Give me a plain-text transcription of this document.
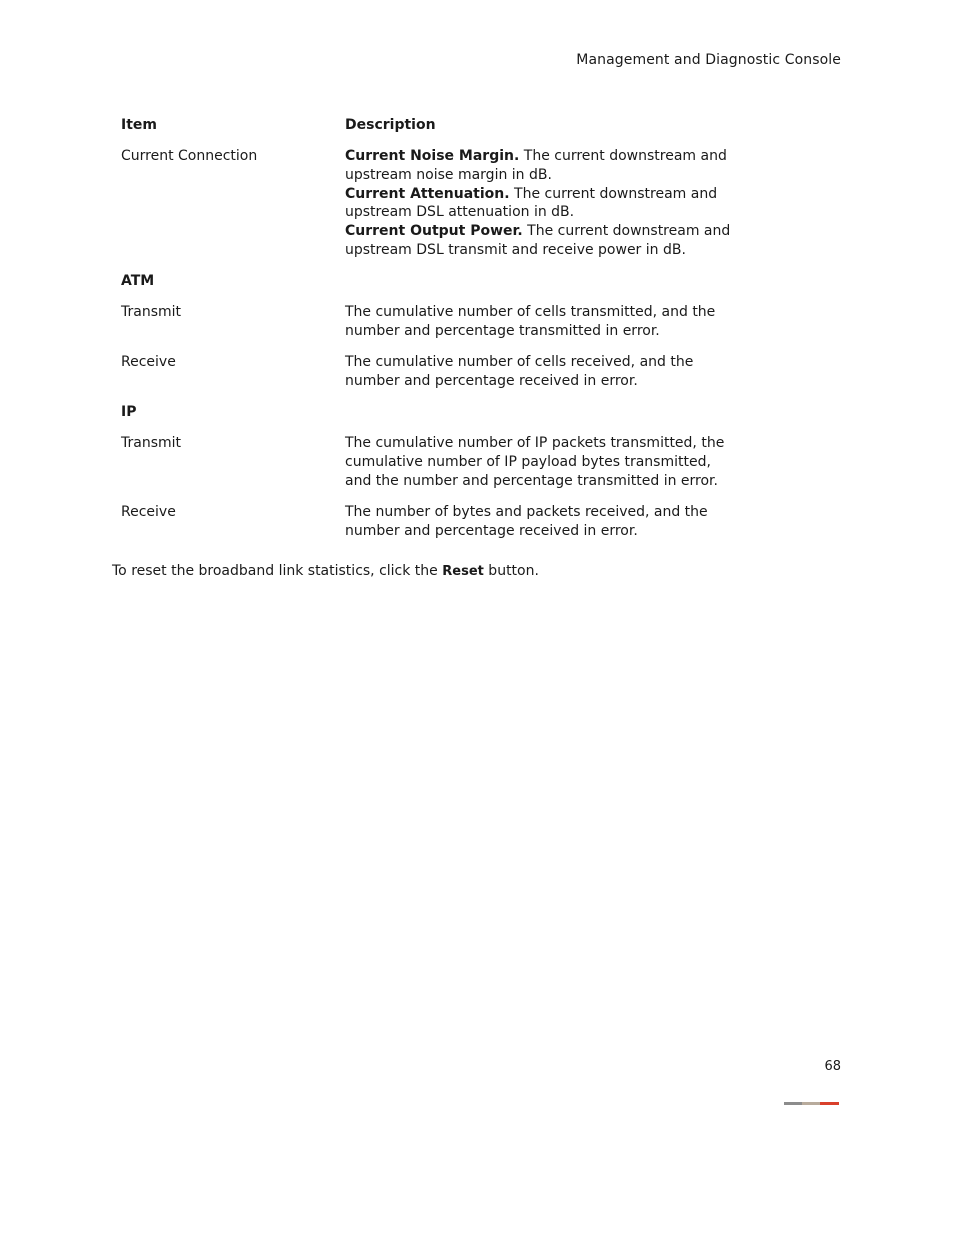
Management and Diagnostic Console
Item	Description
Current Connection	Current Noise Margin. The current downstream and upstream noise margin in dB.
Current Attenuation. The current downstream and upstream DSL attenuation in dB.
Current Output Power. The current downstream and upstream DSL transmit and receive power in dB.
ATM
Transmit	The cumulative number of cells transmitted, and the number and percentage transmitted in error.
Receive	The cumulative number of cells received, and the number and percentage received in error.
IP
Transmit	The cumulative number of IP packets transmitted, the cumulative number of IP payload bytes transmitted, and the number and percentage transmitted in error.
Receive	The number of bytes and packets received, and the number and percentage received in error.
To reset the broadband link statistics, click the Reset button.
68
